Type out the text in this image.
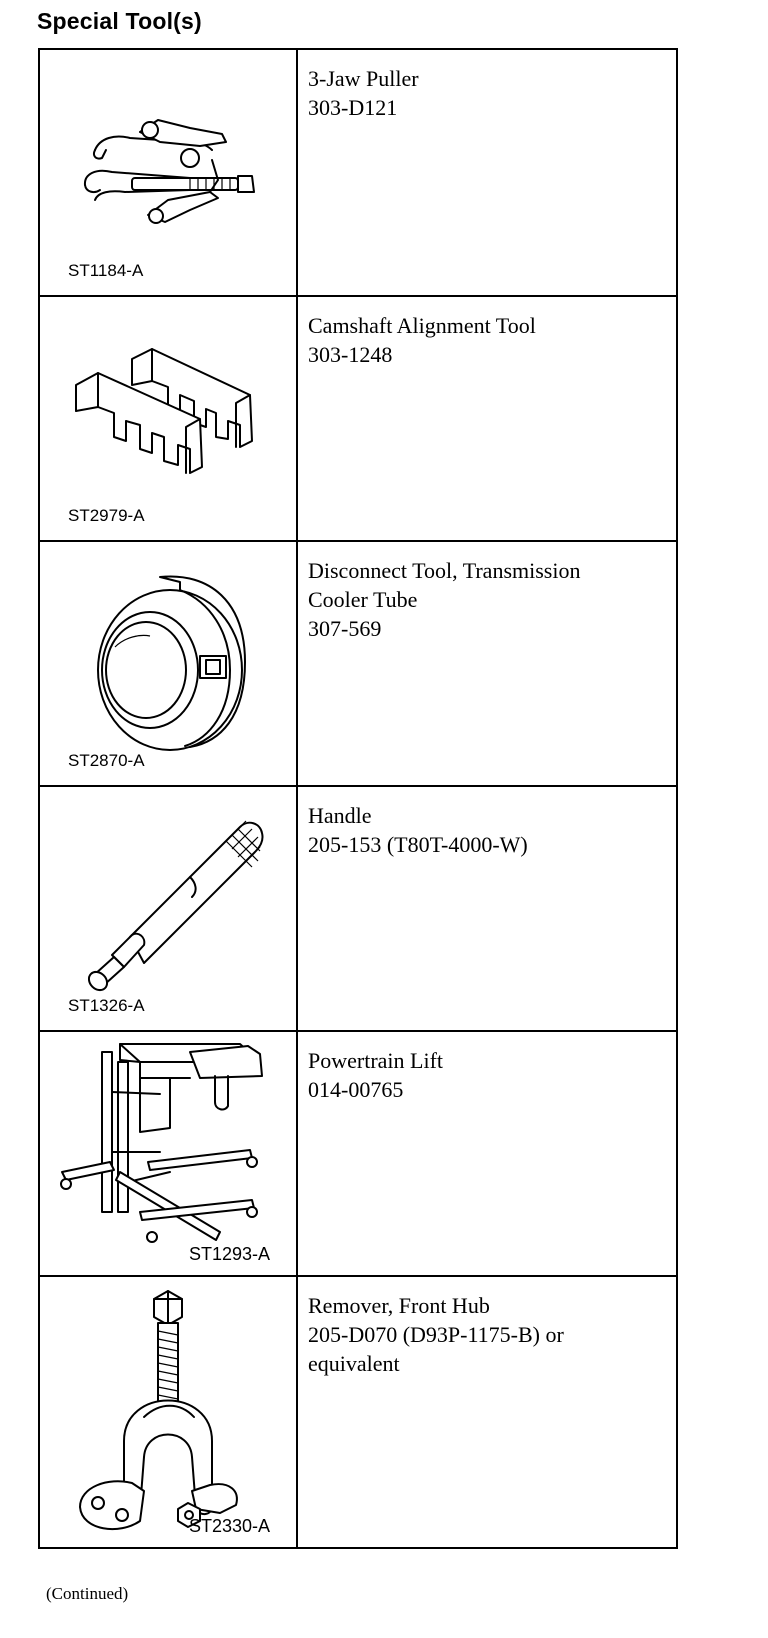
Special Tool(s)
ST1184-A	3-Jaw Puller
303-D121

ST2979-A	Camshaft Alignment Tool
303-1248

ST2870-A	Disconnect Tool, Transmission
Cooler Tube
307-569

ST1326-A	Handle
205-153 (T80T-4000-W)

ST1293-A	Powertrain Lift
014-00765

ST2330-A	Remover, Front Hub
205-D070 (D93P-1175-B) or
equivalent
(Continued)
